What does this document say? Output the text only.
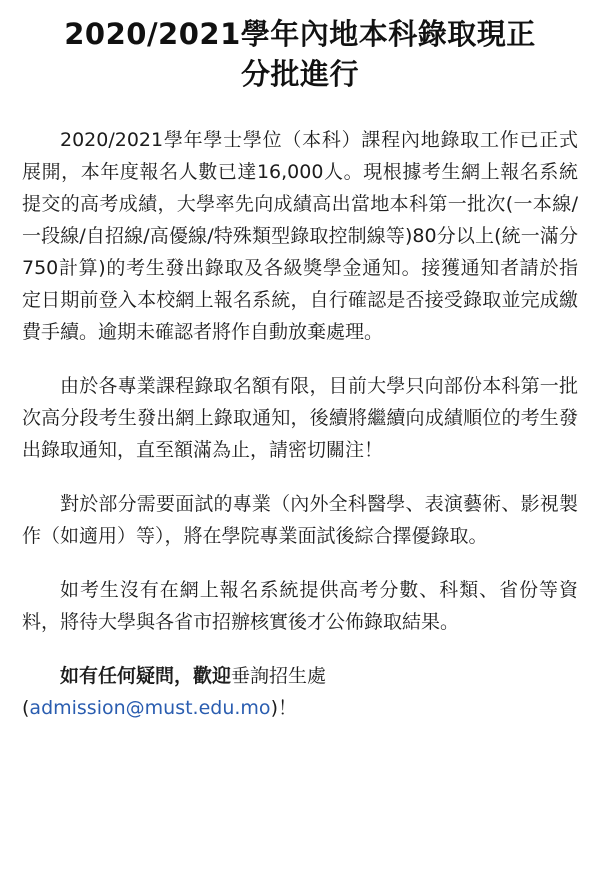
2020/2021學年內地本科錄取現正
分批進行

2020/2021學年學士學位（本科）課程內地錄取工作已正式展開，本年度報名人數已達16,000人。現根據考生網上報名系統提交的高考成績，大學率先向成績高出當地本科第一批次(一本線/一段線/自招線/高優線/特殊類型錄取控制線等)80分以上(統一滿分750計算)的考生發出錄取及各級獎學金通知。接獲通知者請於指定日期前登入本校網上報名系統，自行確認是否接受錄取並完成繳費手續。逾期未確認者將作自動放棄處理。

由於各專業課程錄取名額有限，目前大學只向部份本科第一批次高分段考生發出網上錄取通知，後續將繼續向成績順位的考生發出錄取通知，直至額滿為止，請密切關注！

對於部分需要面試的專業（內外全科醫學、表演藝術、影視製作（如適用）等），將在學院專業面試後綜合擇優錄取。

如考生沒有在網上報名系統提供高考分數、科類、省份等資料，將待大學與各省市招辦核實後才公佈錄取結果。

如有任何疑問，歡迎垂詢招生處

(admission@must.edu.mo)！
